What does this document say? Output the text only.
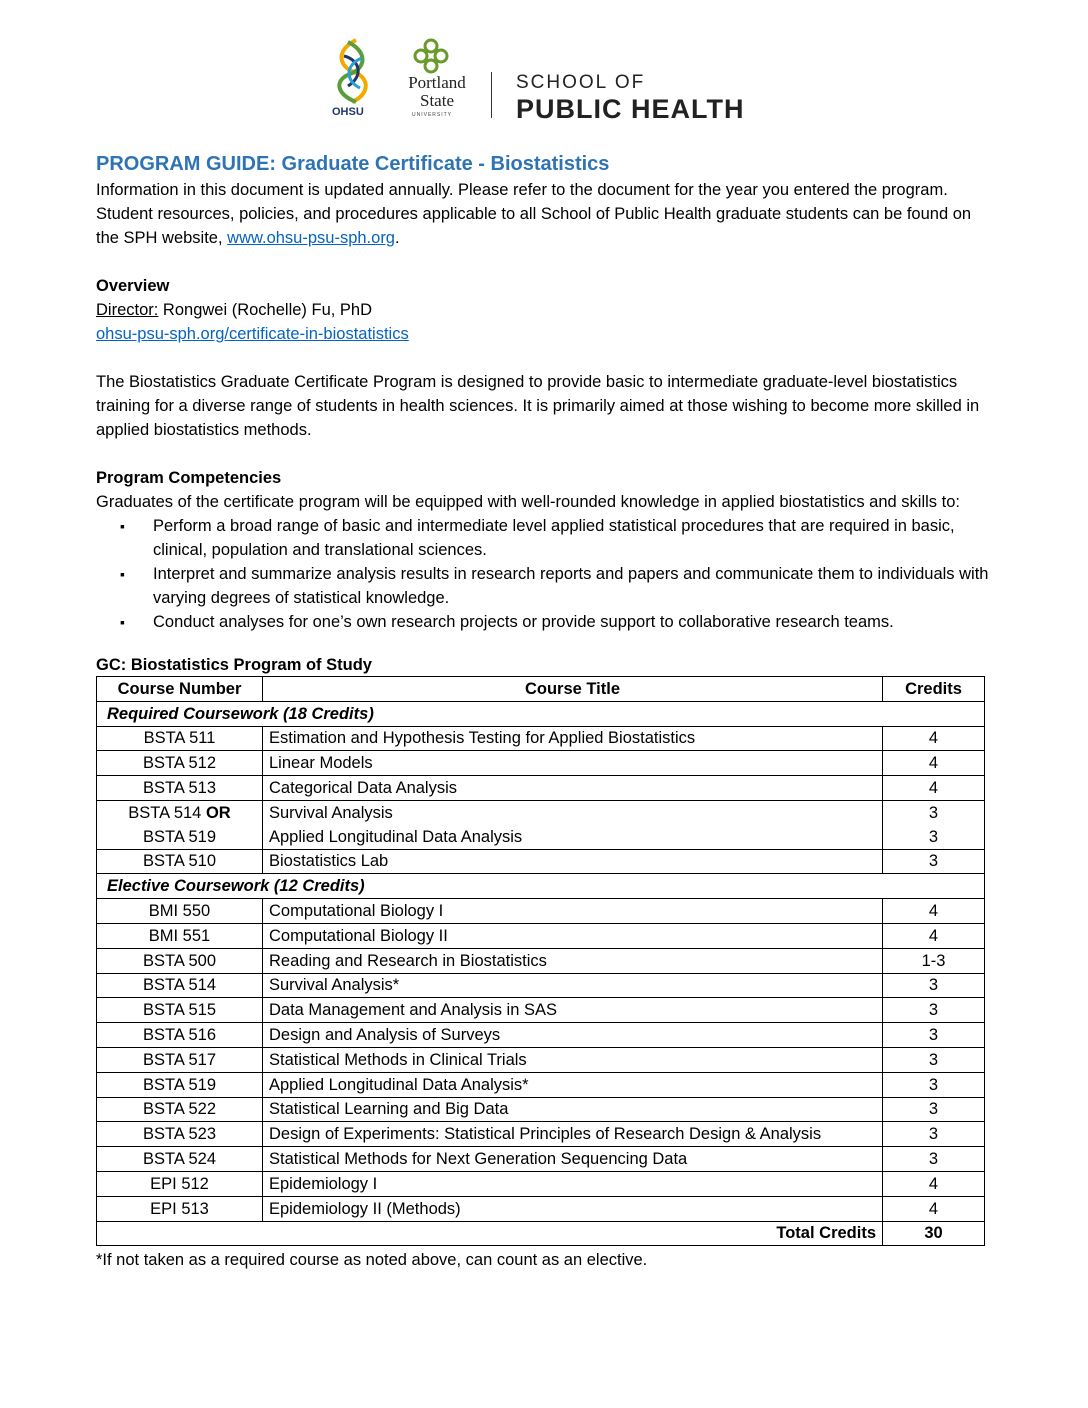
OHSU
Portland
State
UNIVERSITY
SCHOOL OF
PUBLIC HEALTH
PROGRAM GUIDE: Graduate Certificate - Biostatistics

Information in this document is updated annually. Please refer to the document for the year you entered the program. Student resources, policies, and procedures applicable to all School of Public Health graduate students can be found on the SPH website, www.ohsu-psu-sph.org.

Overview

Director: Rongwei (Rochelle) Fu, PhD

ohsu-psu-sph.org/certificate-in-biostatistics

The Biostatistics Graduate Certificate Program is designed to provide basic to intermediate graduate-level biostatistics training for a diverse range of students in health sciences. It is primarily aimed at those wishing to become more skilled in applied biostatistics methods.

Program Competencies

Graduates of the certificate program will be equipped with well-rounded knowledge in applied biostatistics and skills to:

▪ Perform a broad range of basic and intermediate level applied statistical procedures that are required in basic, clinical, population and translational sciences.
▪ Interpret and summarize analysis results in research reports and papers and communicate them to individuals with varying degrees of statistical knowledge.
▪ Conduct analyses for one’s own research projects or provide support to collaborative research teams.

GC: Biostatistics Program of Study

Course Number	Course Title	Credits
Required Coursework (18 Credits)		
BSTA 511	Estimation and Hypothesis Testing for Applied Biostatistics	4
BSTA 512	Linear Models	4
BSTA 513	Categorical Data Analysis	4
BSTA 514 OR	Survival Analysis	3
BSTA 519	Applied Longitudinal Data Analysis	3
BSTA 510	Biostatistics Lab	3
Elective Coursework (12 Credits)		
BMI 550	Computational Biology I	4
BMI 551	Computational Biology II	4
BSTA 500	Reading and Research in Biostatistics	1-3
BSTA 514	Survival Analysis*	3
BSTA 515	Data Management and Analysis in SAS	3
BSTA 516	Design and Analysis of Surveys	3
BSTA 517	Statistical Methods in Clinical Trials	3
BSTA 519	Applied Longitudinal Data Analysis*	3
BSTA 522	Statistical Learning and Big Data	3
BSTA 523	Design of Experiments: Statistical Principles of Research Design & Analysis	3
BSTA 524	Statistical Methods for Next Generation Sequencing Data	3
EPI 512	Epidemiology I	4
EPI 513	Epidemiology II (Methods)	4
Total Credits		30

*If not taken as a required course as noted above, can count as an elective.
